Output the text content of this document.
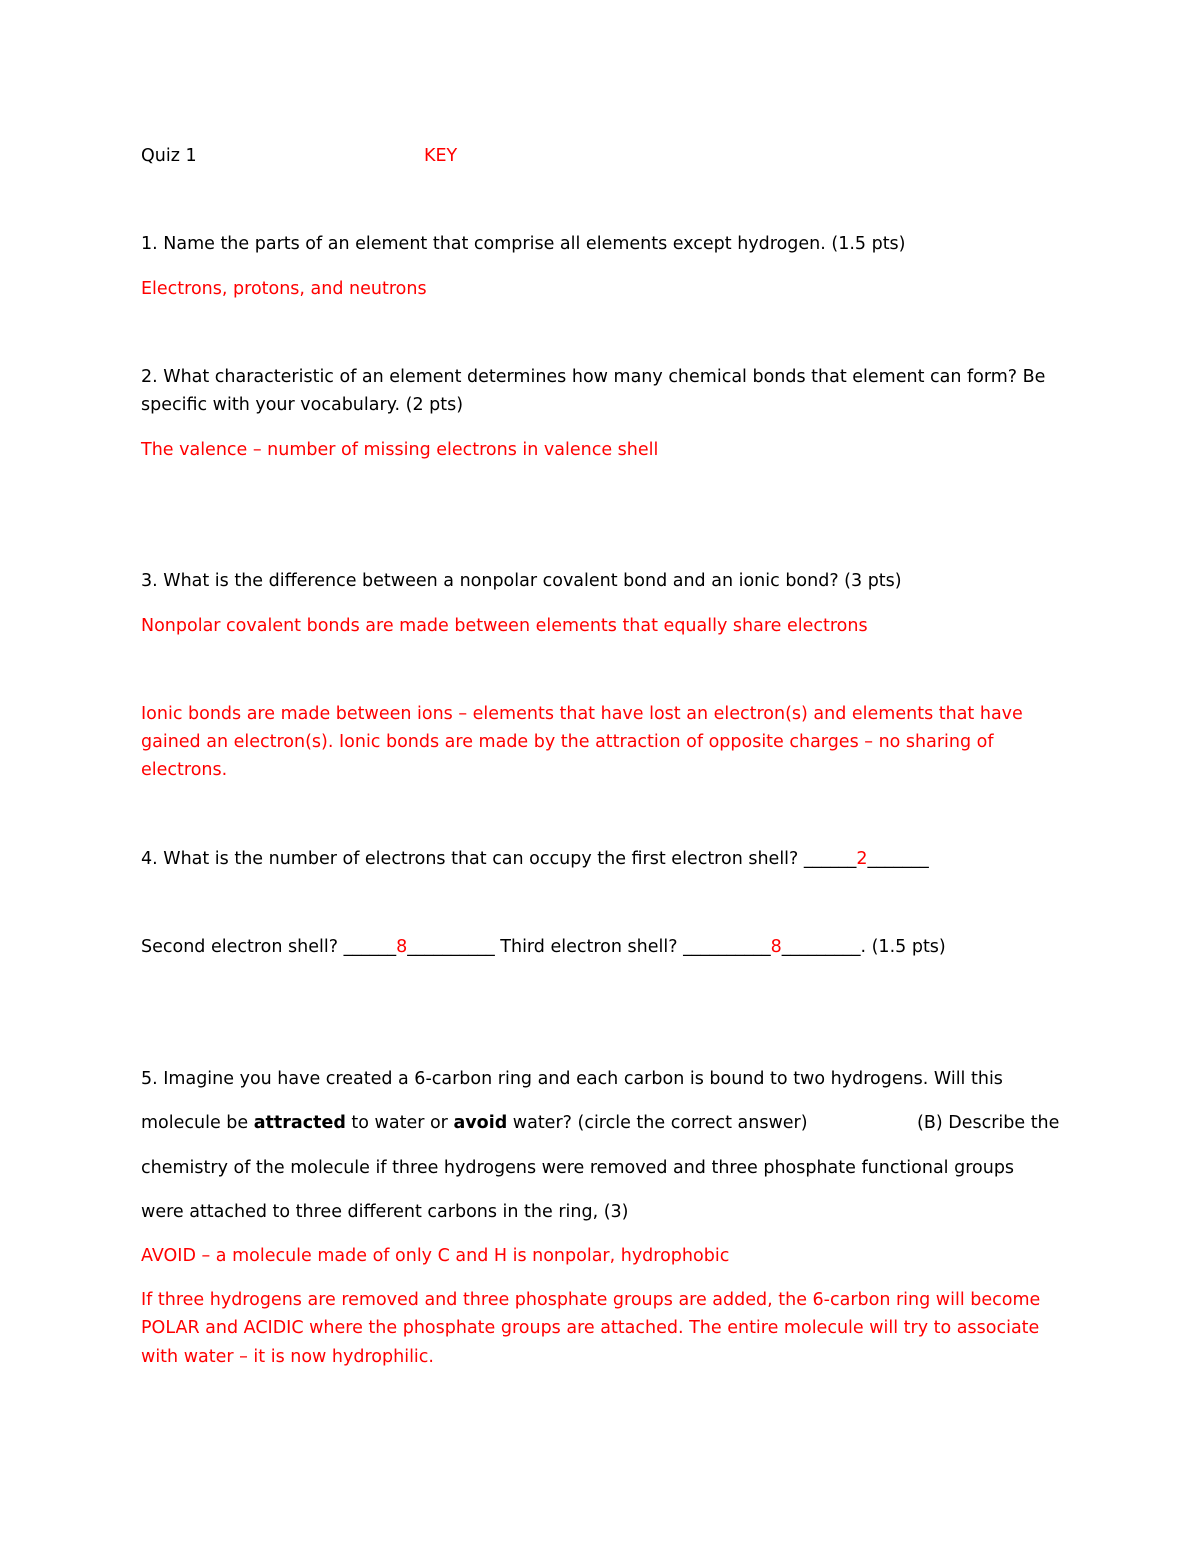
Quiz 1	KEY
1. Name the parts of an element that comprise all elements except hydrogen. (1.5 pts)
Electrons, protons, and neutrons
2. What characteristic of an element determines how many chemical bonds that element can form? Be
specific with your vocabulary. (2 pts)
The valence – number of missing electrons in valence shell
3. What is the difference between a nonpolar covalent bond and an ionic bond? (3 pts)
Nonpolar covalent bonds are made between elements that equally share electrons
Ionic bonds are made between ions – elements that have lost an electron(s) and elements that have
gained an electron(s). Ionic bonds are made by the attraction of opposite charges – no sharing of
electrons.
4. What is the number of electrons that can occupy the first electron shell? ______2_______
Second electron shell? ______8__________ Third electron shell? __________8_________. (1.5 pts)
5. Imagine you have created a 6-carbon ring and each carbon is bound to two hydrogens. Will this
molecule be attracted to water or avoid water? (circle the correct answer)	(B) Describe the
chemistry of the molecule if three hydrogens were removed and three phosphate functional groups
were attached to three different carbons in the ring, (3)
AVOID – a molecule made of only C and H is nonpolar, hydrophobic
If three hydrogens are removed and three phosphate groups are added, the 6-carbon ring will become
POLAR and ACIDIC where the phosphate groups are attached. The entire molecule will try to associate
with water – it is now hydrophilic.
